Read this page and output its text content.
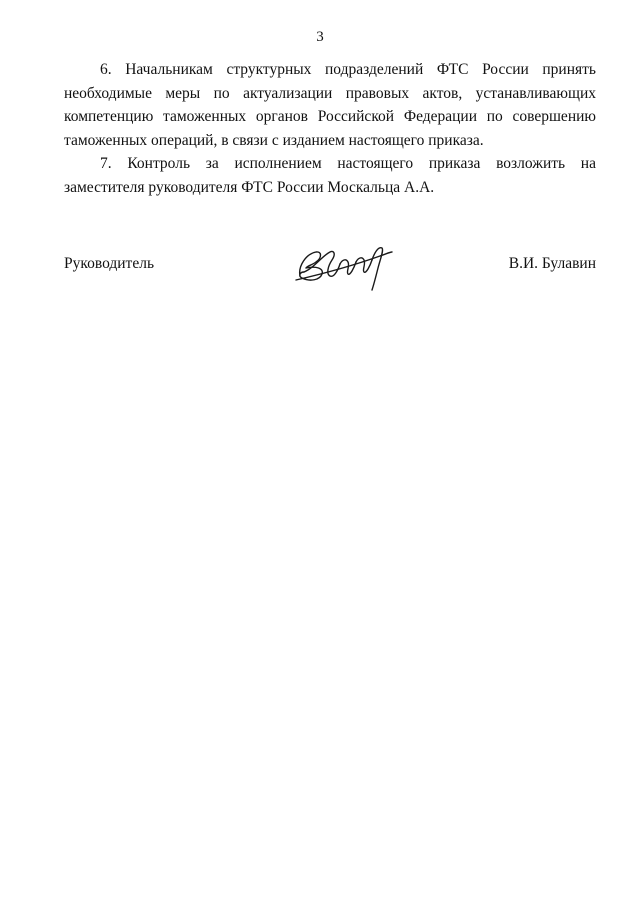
3

6. Начальникам структурных подразделений ФТС России принять необходимые меры по актуализации правовых актов, устанавливающих компетенцию таможенных органов Российской Федерации по совершению таможенных операций, в связи с изданием настоящего приказа.

7. Контроль за исполнением настоящего приказа возложить на заместителя руководителя ФТС России Москальца А.А.

Руководитель	В.И. Булавин
